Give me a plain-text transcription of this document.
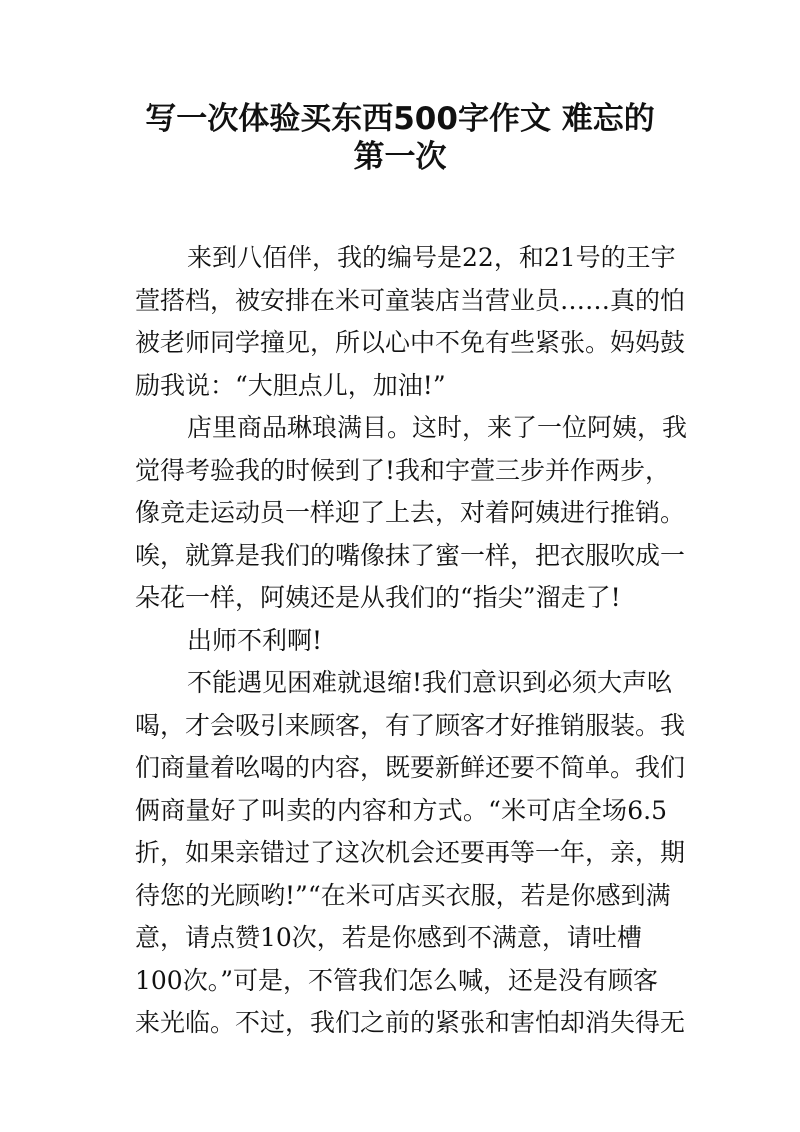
写一次体验买东西500字作文 难忘的
第一次
来到八佰伴，我的编号是22，和21号的王宇
萱搭档，被安排在米可童装店当营业员……真的怕
被老师同学撞见，所以心中不免有些紧张。妈妈鼓
励我说：“大胆点儿，加油!”
店里商品琳琅满目。这时，来了一位阿姨，我
觉得考验我的时候到了!我和宇萱三步并作两步，
像竞走运动员一样迎了上去，对着阿姨进行推销。
唉，就算是我们的嘴像抹了蜜一样，把衣服吹成一
朵花一样，阿姨还是从我们的“指尖”溜走了!
出师不利啊!
不能遇见困难就退缩!我们意识到必须大声吆
喝，才会吸引来顾客，有了顾客才好推销服装。我
们商量着吆喝的内容，既要新鲜还要不简单。我们
俩商量好了叫卖的内容和方式。“米可店全场6.5
折，如果亲错过了这次机会还要再等一年，亲，期
待您的光顾哟!”“在米可店买衣服，若是你感到满
意，请点赞10次，若是你感到不满意，请吐槽
100次。”可是，不管我们怎么喊，还是没有顾客
来光临。不过，我们之前的紧张和害怕却消失得无
